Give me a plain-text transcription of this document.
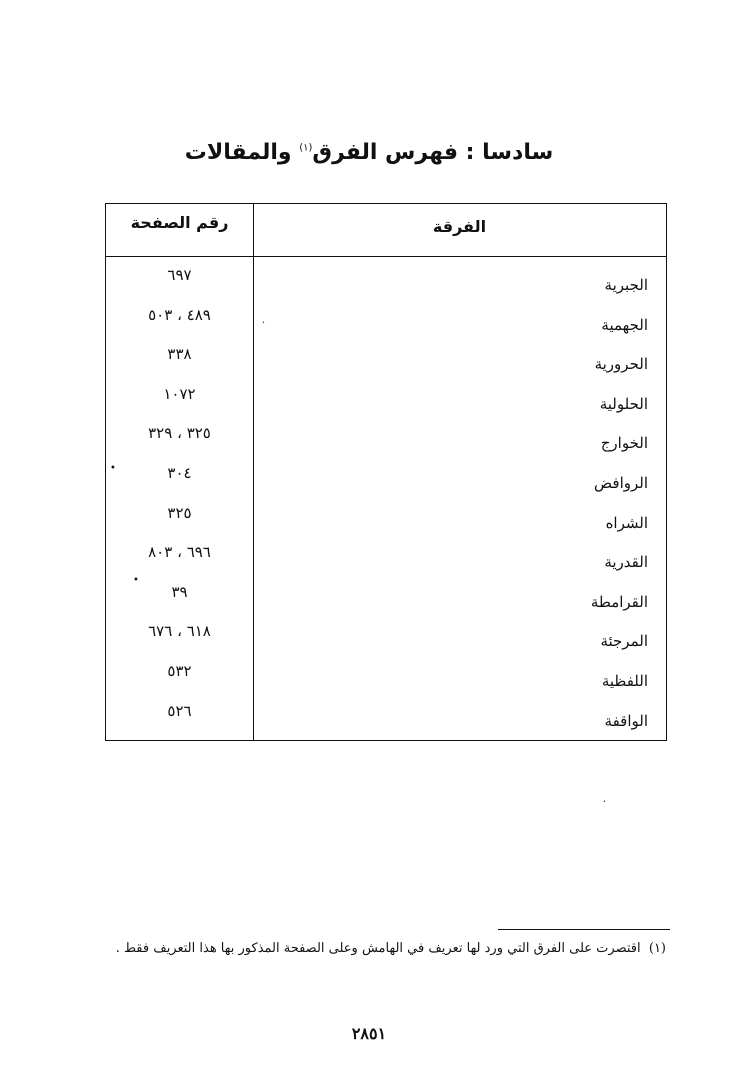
سادسا : فهرس الفرق$^{(١)}$ والمقالات
الفرقة
رقم الصفحة
الجبرية
٦٩٧
الجهمية
٤٨٩ ، ٥٠٣
الحرورية
٣٣٨
الحلولية
١٠٧٢
الخوارج
٣٢٥ ، ٣٢٩
الروافض
٣٠٤
الشراه
٣٢٥
القدرية
٦٩٦ ، ٨٠٣
القرامطة
٣٩
المرجئة
٦١٨ ، ٦٧٦
اللفظية
٥٣٢
الواقفة
٥٢٦
(١)  اقتصرت على الفرق التي ورد لها تعريف في الهامش وعلى الصفحة المذكور بها هذا التعريف فقط .
٢٨٥١
•
•
•
•
